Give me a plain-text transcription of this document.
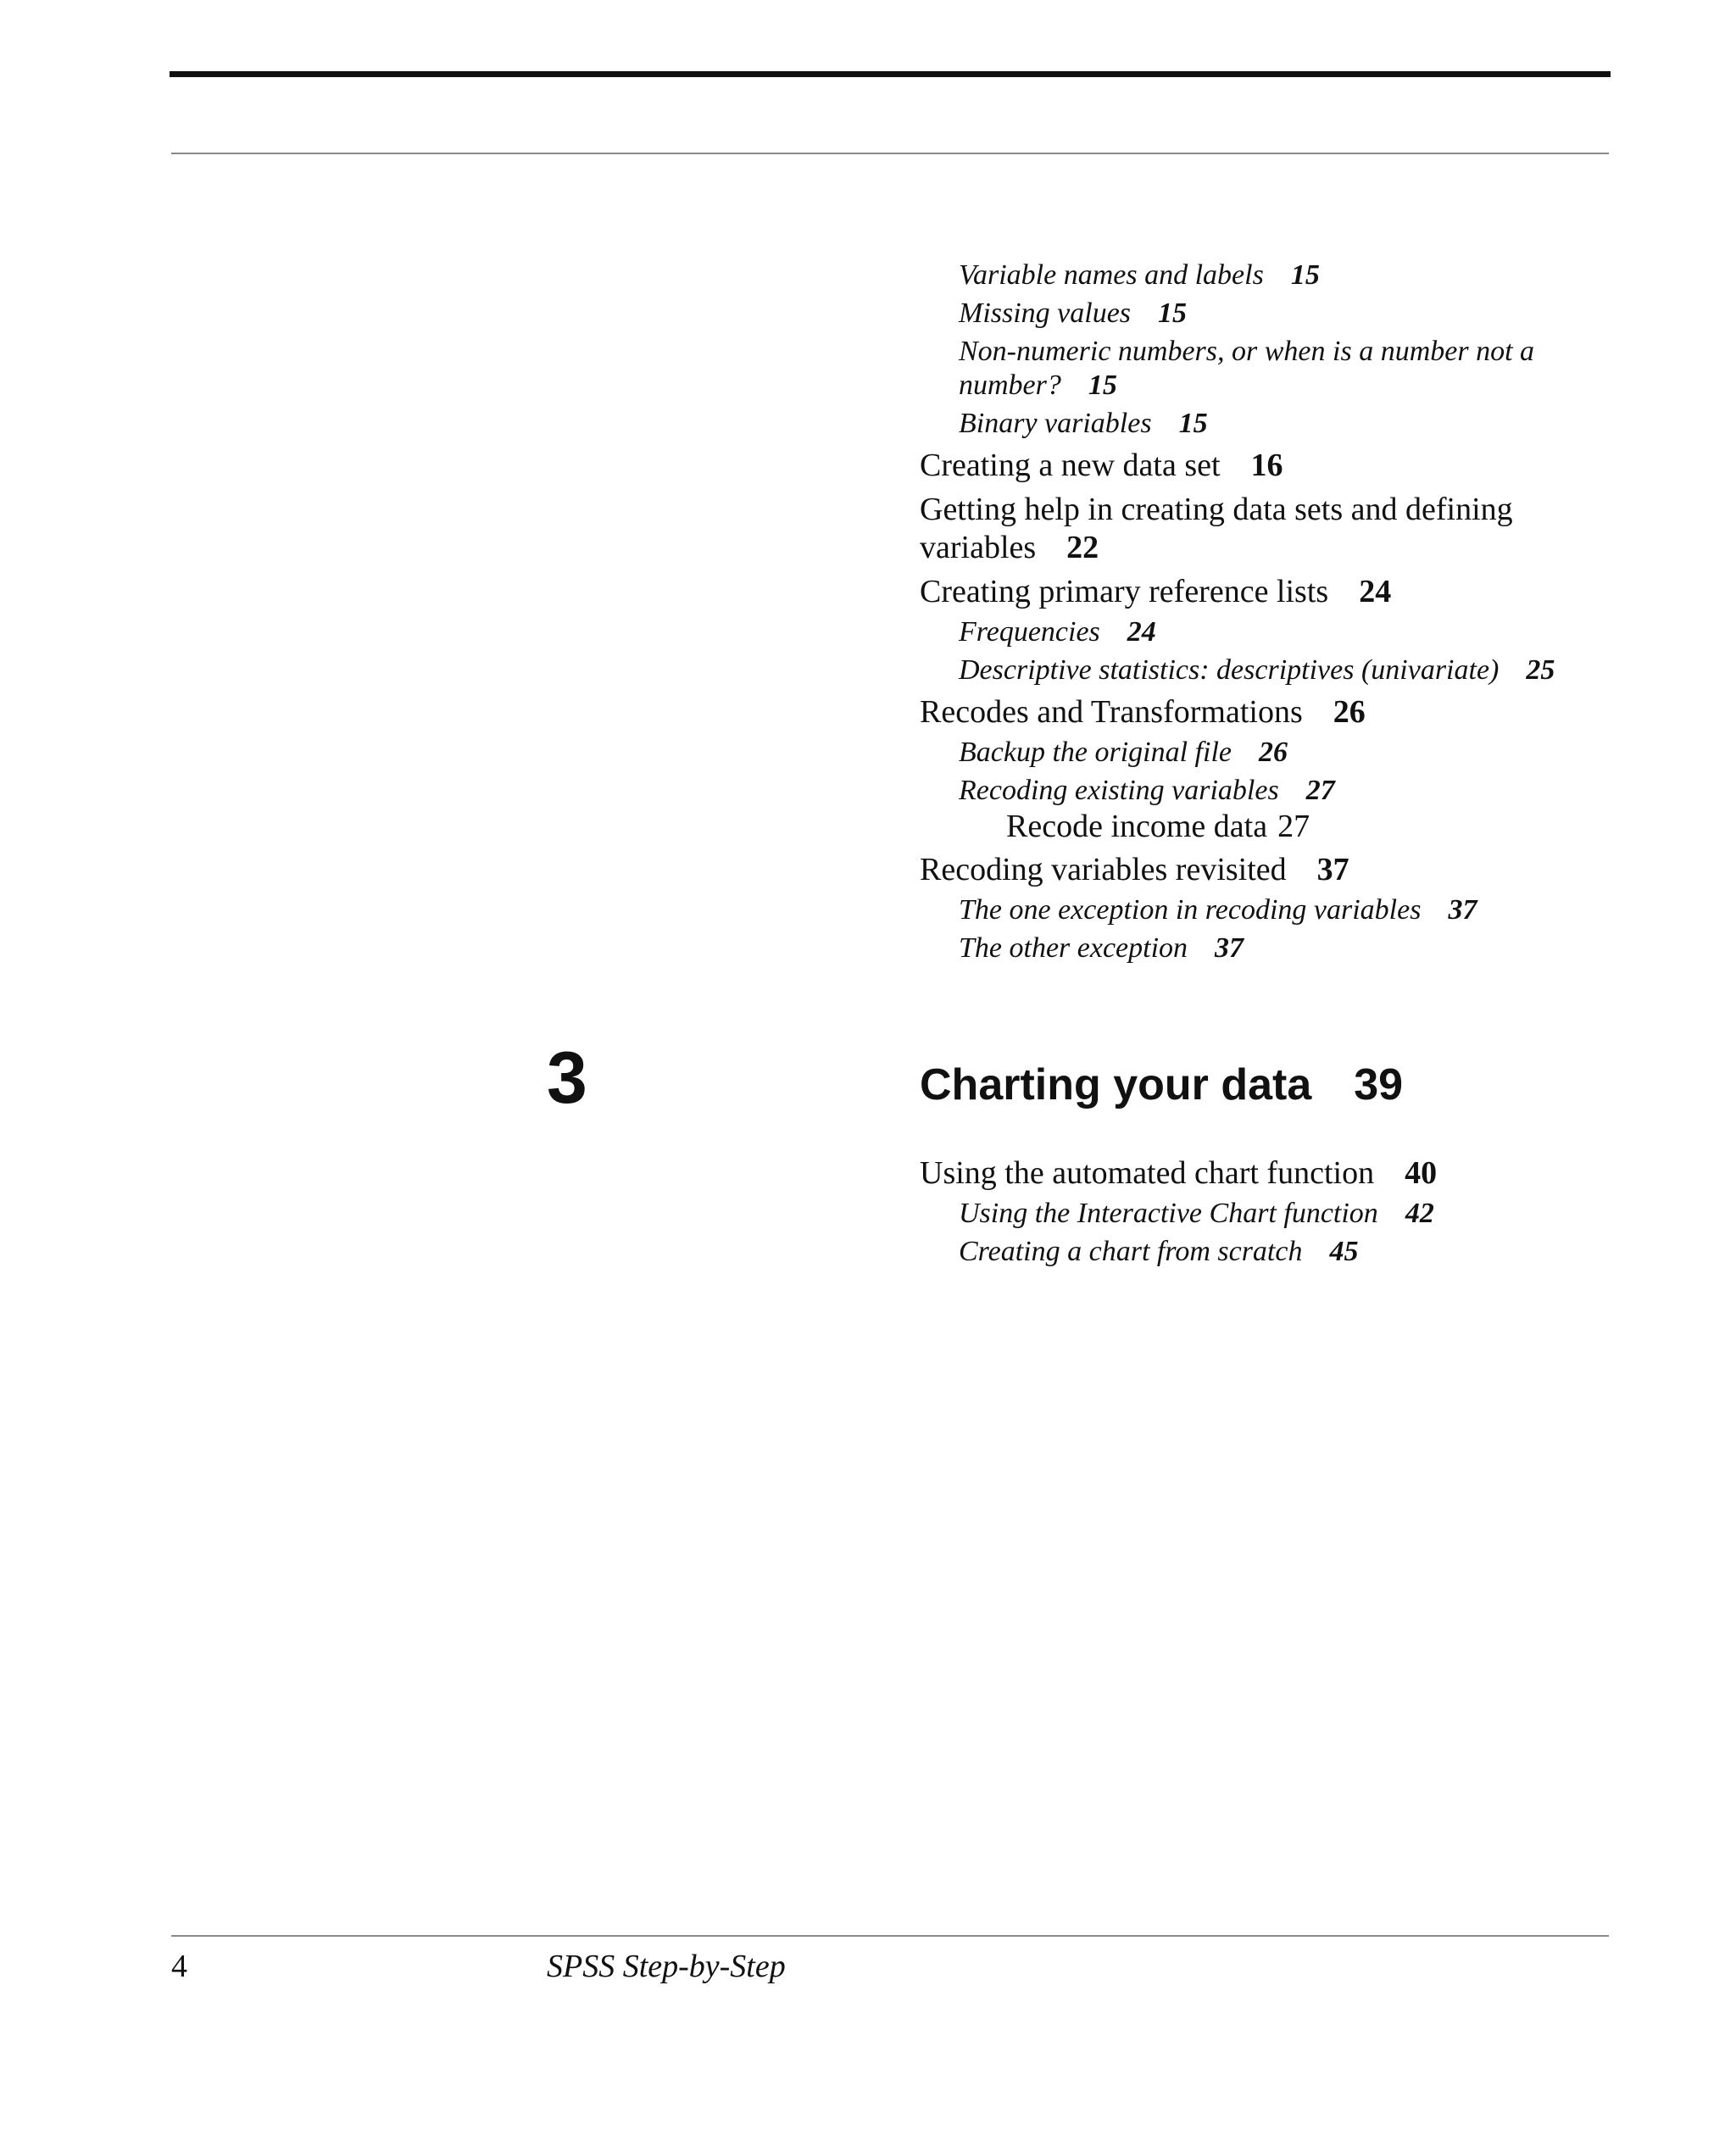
Variable names and labels 15
Missing values 15
Non-numeric numbers, or when is a number not a number? 15
Binary variables 15
Creating a new data set 16
Getting help in creating data sets and defining variables 22
Creating primary reference lists 24
Frequencies 24
Descriptive statistics: descriptives (univariate) 25
Recodes and Transformations 26
Backup the original file 26
Recoding existing variables 27
Recode income data 27
Recoding variables revisited 37
The one exception in recoding variables 37
The other exception 37
3	Charting your data 39
Using the automated chart function 40
Using the Interactive Chart function 42
Creating a chart from scratch 45
4	SPSS Step-by-Step
